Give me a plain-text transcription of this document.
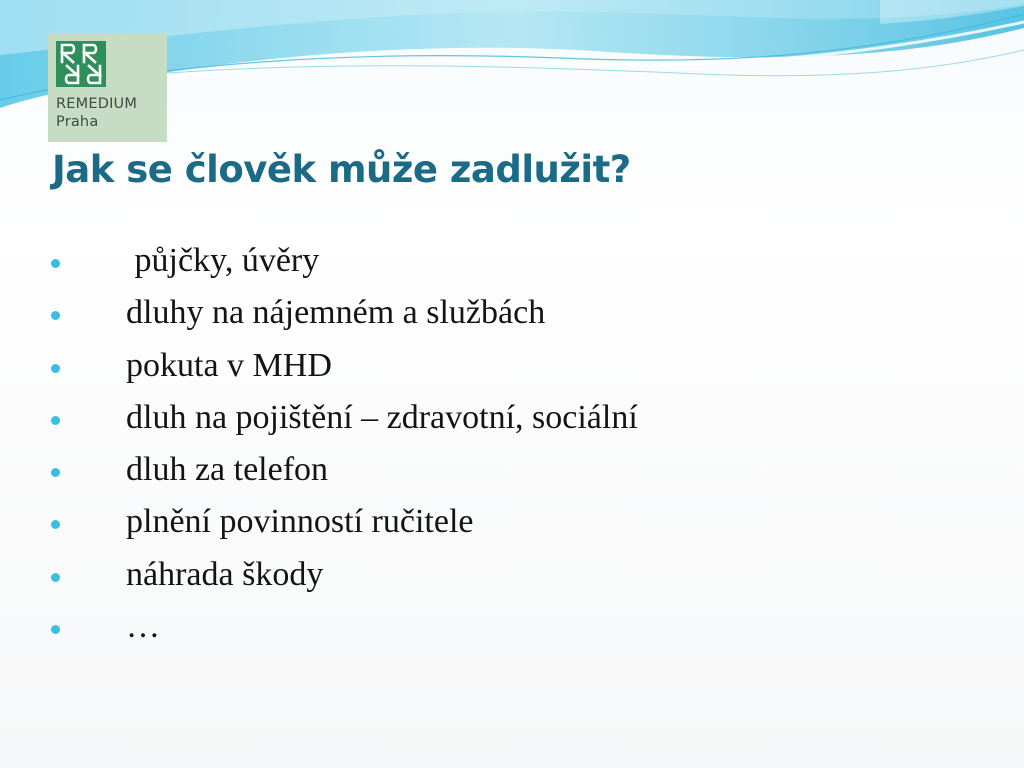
REMEDIUM
Praha
Jak se člověk může zadlužit?
půjčky, úvěry
dluhy na nájemném a službách
pokuta v MHD
dluh na pojištění – zdravotní, sociální
dluh za telefon
plnění povinností ručitele
náhrada škody
…
